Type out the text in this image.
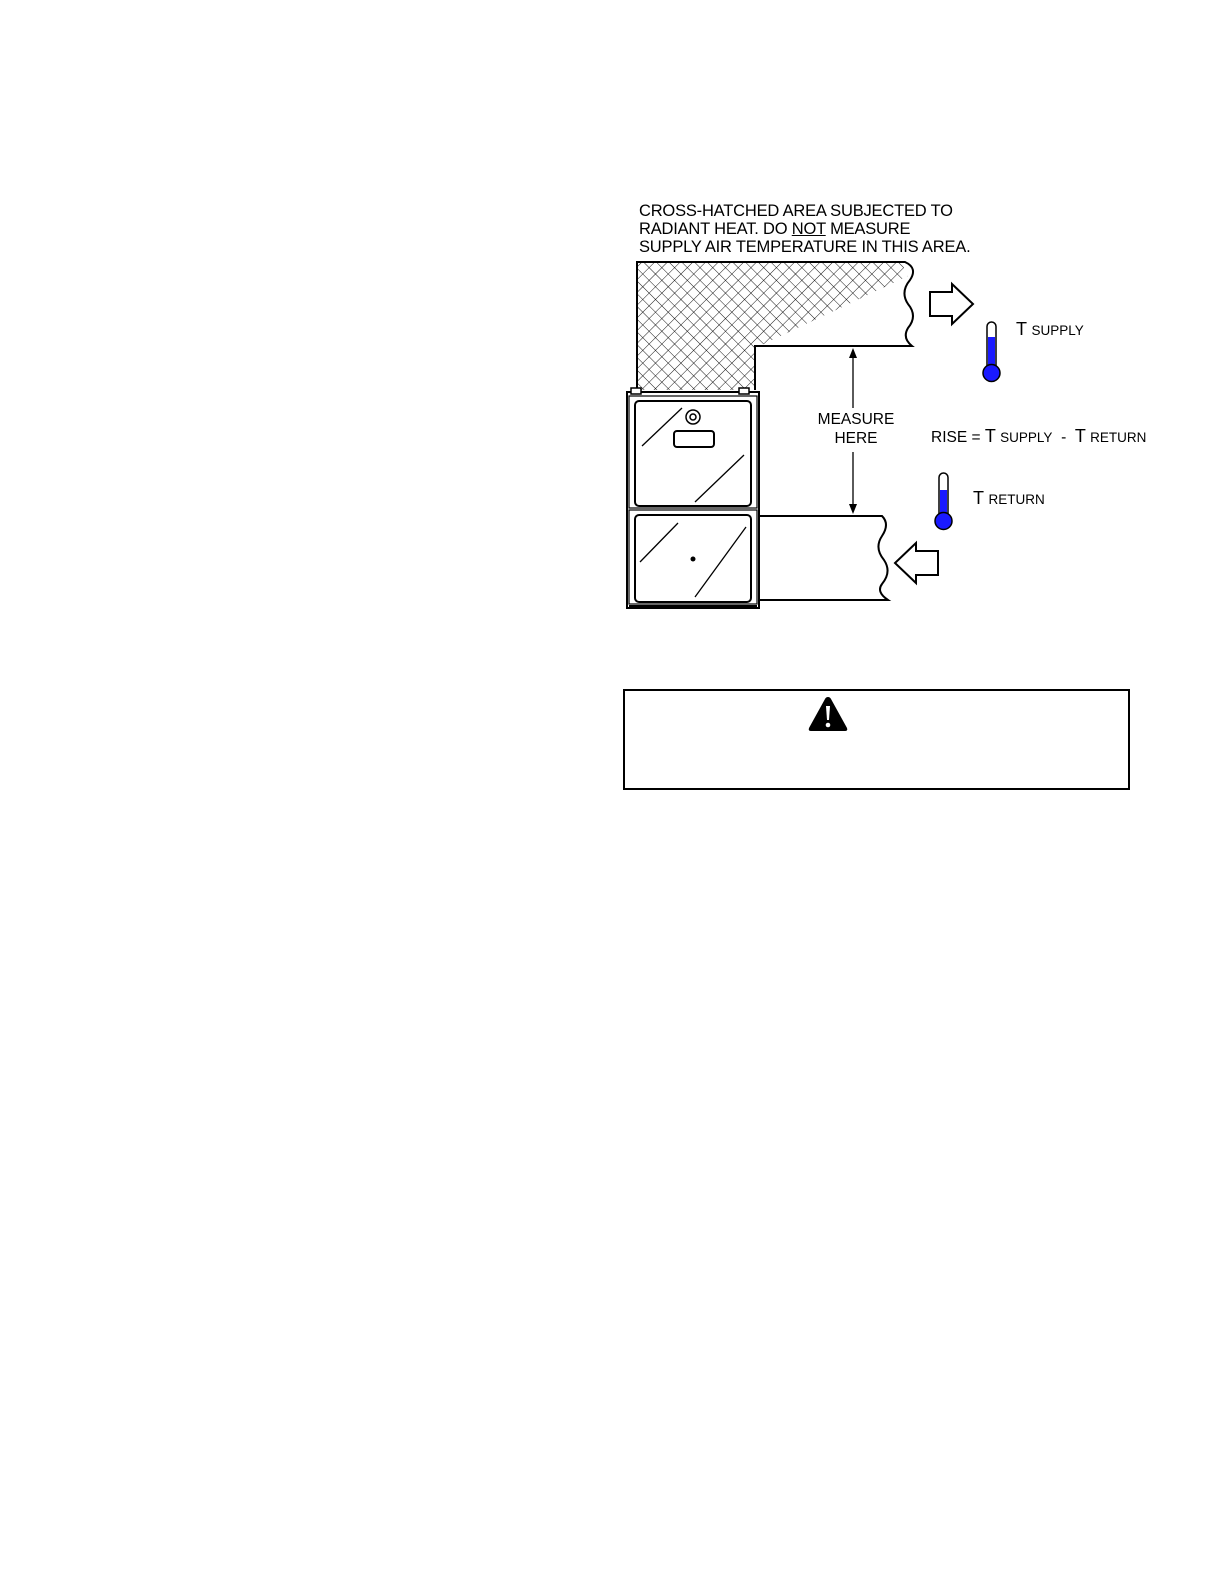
CROSS-HATCHED AREA SUBJECTED TO
RADIANT HEAT. DO NOT MEASURE
SUPPLY AIR TEMPERATURE IN THIS AREA.
MEASURE
HERE
T SUPPLY
RISE = T SUPPLY - T RETURN
T RETURN
